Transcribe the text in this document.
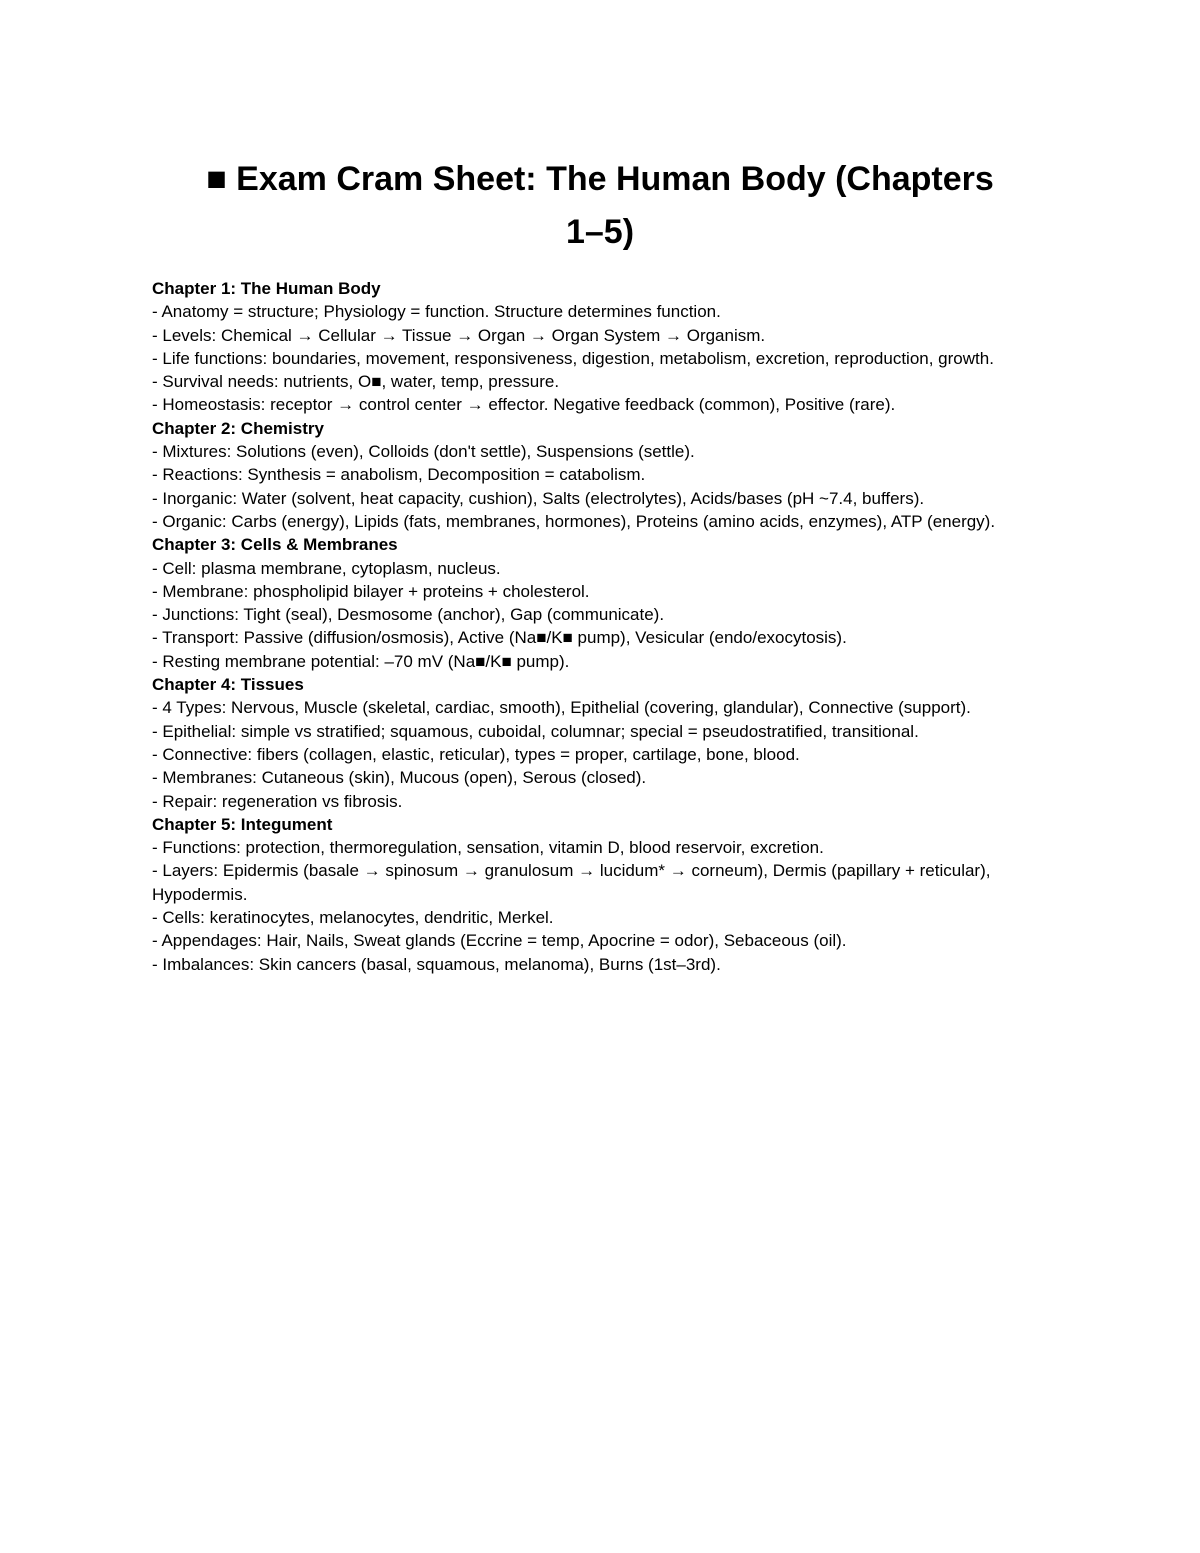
■ Exam Cram Sheet: The Human Body (Chapters
1–5)
Chapter 1: The Human Body
- Anatomy = structure; Physiology = function. Structure determines function.
- Levels: Chemical → Cellular → Tissue → Organ → Organ System → Organism.
- Life functions: boundaries, movement, responsiveness, digestion, metabolism, excretion, reproduction, growth.
- Survival needs: nutrients, O■, water, temp, pressure.
- Homeostasis: receptor → control center → effector. Negative feedback (common), Positive (rare).
Chapter 2: Chemistry
- Mixtures: Solutions (even), Colloids (don't settle), Suspensions (settle).
- Reactions: Synthesis = anabolism, Decomposition = catabolism.
- Inorganic: Water (solvent, heat capacity, cushion), Salts (electrolytes), Acids/bases (pH ~7.4, buffers).
- Organic: Carbs (energy), Lipids (fats, membranes, hormones), Proteins (amino acids, enzymes), ATP (energy).
Chapter 3: Cells & Membranes
- Cell: plasma membrane, cytoplasm, nucleus.
- Membrane: phospholipid bilayer + proteins + cholesterol.
- Junctions: Tight (seal), Desmosome (anchor), Gap (communicate).
- Transport: Passive (diffusion/osmosis), Active (Na■/K■ pump), Vesicular (endo/exocytosis).
- Resting membrane potential: –70 mV (Na■/K■ pump).
Chapter 4: Tissues
- 4 Types: Nervous, Muscle (skeletal, cardiac, smooth), Epithelial (covering, glandular), Connective (support).
- Epithelial: simple vs stratified; squamous, cuboidal, columnar; special = pseudostratified, transitional.
- Connective: fibers (collagen, elastic, reticular), types = proper, cartilage, bone, blood.
- Membranes: Cutaneous (skin), Mucous (open), Serous (closed).
- Repair: regeneration vs fibrosis.
Chapter 5: Integument
- Functions: protection, thermoregulation, sensation, vitamin D, blood reservoir, excretion.
- Layers: Epidermis (basale → spinosum → granulosum → lucidum* → corneum), Dermis (papillary + reticular), Hypodermis.
- Cells: keratinocytes, melanocytes, dendritic, Merkel.
- Appendages: Hair, Nails, Sweat glands (Eccrine = temp, Apocrine = odor), Sebaceous (oil).
- Imbalances: Skin cancers (basal, squamous, melanoma), Burns (1st–3rd).
